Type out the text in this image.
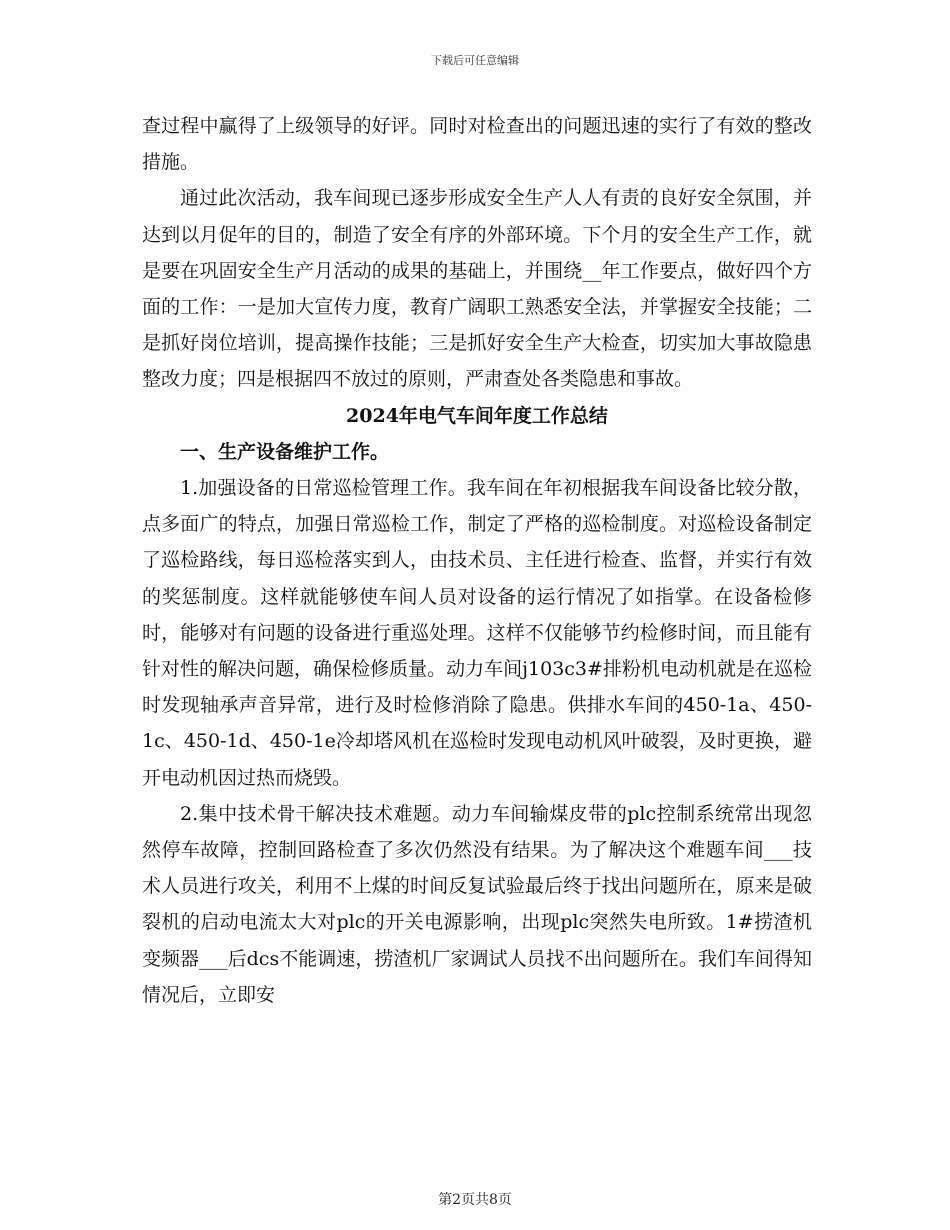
下载后可任意编辑

查过程中赢得了上级领导的好评。同时对检查出的问题迅速的实行了有效的整改措施。

通过此次活动，我车间现已逐步形成安全生产人人有责的良好安全氛围，并达到以月促年的目的，制造了安全有序的外部环境。下个月的安全生产工作，就是要在巩固安全生产月活动的成果的基础上，并围绕__年工作要点，做好四个方面的工作：一是加大宣传力度，教育广阔职工熟悉安全法，并掌握安全技能；二是抓好岗位培训，提高操作技能；三是抓好安全生产大检查，切实加大事故隐患整改力度；四是根据四不放过的原则，严肃查处各类隐患和事故。

2024年电气车间年度工作总结
一、生产设备维护工作。

1.加强设备的日常巡检管理工作。我车间在年初根据我车间设备比较分散，点多面广的特点，加强日常巡检工作，制定了严格的巡检制度。对巡检设备制定了巡检路线，每日巡检落实到人，由技术员、主任进行检查、监督，并实行有效的奖惩制度。这样就能够使车间人员对设备的运行情况了如指掌。在设备检修时，能够对有问题的设备进行重巡处理。这样不仅能够节约检修时间，而且能有针对性的解决问题，确保检修质量。动力车间j103c3#排粉机电动机就是在巡检时发现轴承声音异常，进行及时检修消除了隐患。供排水车间的450-1a、450-1c、450-1d、450-1e冷却塔风机在巡检时发现电动机风叶破裂，及时更换，避开电动机因过热而烧毁。

2.集中技术骨干解决技术难题。动力车间输煤皮带的plc控制系统常出现忽然停车故障，控制回路检查了多次仍然没有结果。为了解决这个难题车间___技术人员进行攻关，利用不上煤的时间反复试验最后终于找出问题所在，原来是破裂机的启动电流太大对plc的开关电源影响，出现plc突然失电所致。1#捞渣机变频器___后dcs不能调速，捞渣机厂家调试人员找不出问题所在。我们车间得知情况后，立即安

第2页共8页
